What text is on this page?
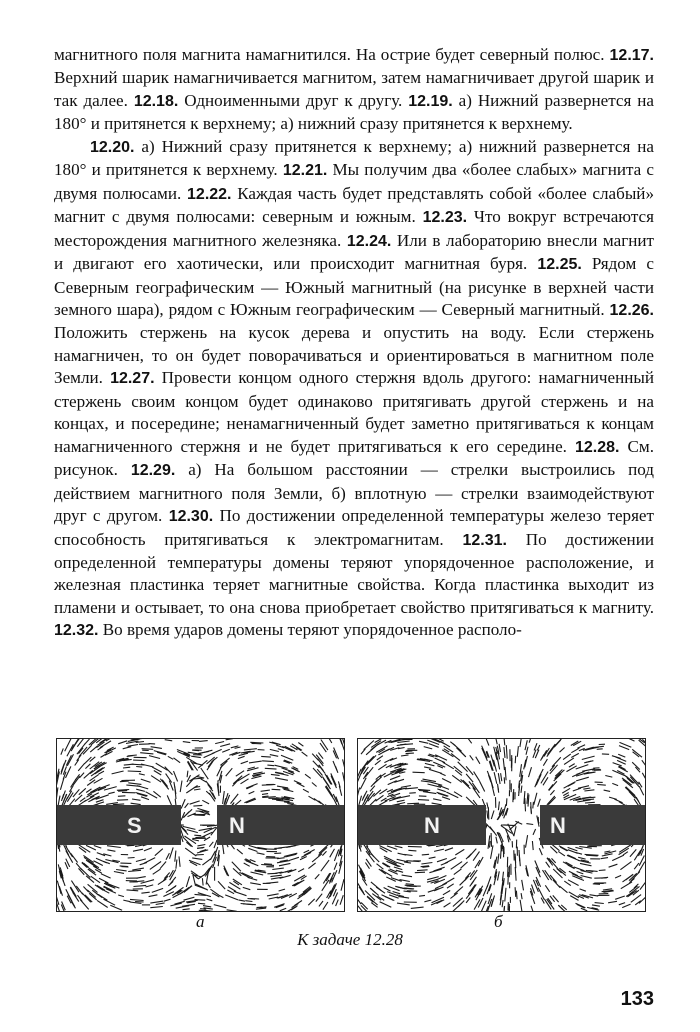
магнитного поля магнита намагнитился. На острие будет северный полюс. 12.17. Верхний шарик намагничивается магнитом, затем намагничивает другой шарик и так далее. 12.18. Одноименными друг к другу. 12.19. а) Нижний развернется на 180° и притянется к верхнему; а) нижний сразу притянется к верхнему.

12.20. а) Нижний сразу притянется к верхнему; а) нижний развернется на 180° и притянется к верхнему. 12.21. Мы получим два «более слабых» магнита с двумя полюсами. 12.22. Каждая часть будет представлять собой «более слабый» магнит с двумя полюсами: северным и южным. 12.23. Что вокруг встречаются месторождения магнитного железняка. 12.24. Или в лабораторию внесли магнит и двигают его хаотически, или происходит магнитная буря. 12.25. Рядом с Северным географическим — Южный магнитный (на рисунке в верхней части земного шара), рядом с Южным географическим — Северный магнитный. 12.26. Положить стержень на кусок дерева и опустить на воду. Если стержень намагничен, то он будет поворачиваться и ориентироваться в магнитном поле Земли. 12.27. Провести концом одного стержня вдоль другого: намагниченный стержень своим концом будет одинаково притягивать другой стержень и на концах, и посередине; ненамагниченный будет заметно притягиваться к концам намагниченного стержня и не будет притягиваться к его середине. 12.28. См. рисунок. 12.29. а) На большом расстоянии — стрелки выстроились под действием магнитного поля Земли, б) вплотную — стрелки взаимодействуют друг с другом. 12.30. По достижении определенной температуры железо теряет способность притягиваться к электромагнитам. 12.31. По достижении определенной температуры домены теряют упорядоченное расположение, и железная пластинка теряет магнитные свойства. Когда пластинка выходит из пламени и остывает, то она снова приобретает свойство притягиваться к магниту. 12.32. Во время ударов домены теряют упорядоченное располо-

S	N	N	N
а	б
К задаче 12.28
133
